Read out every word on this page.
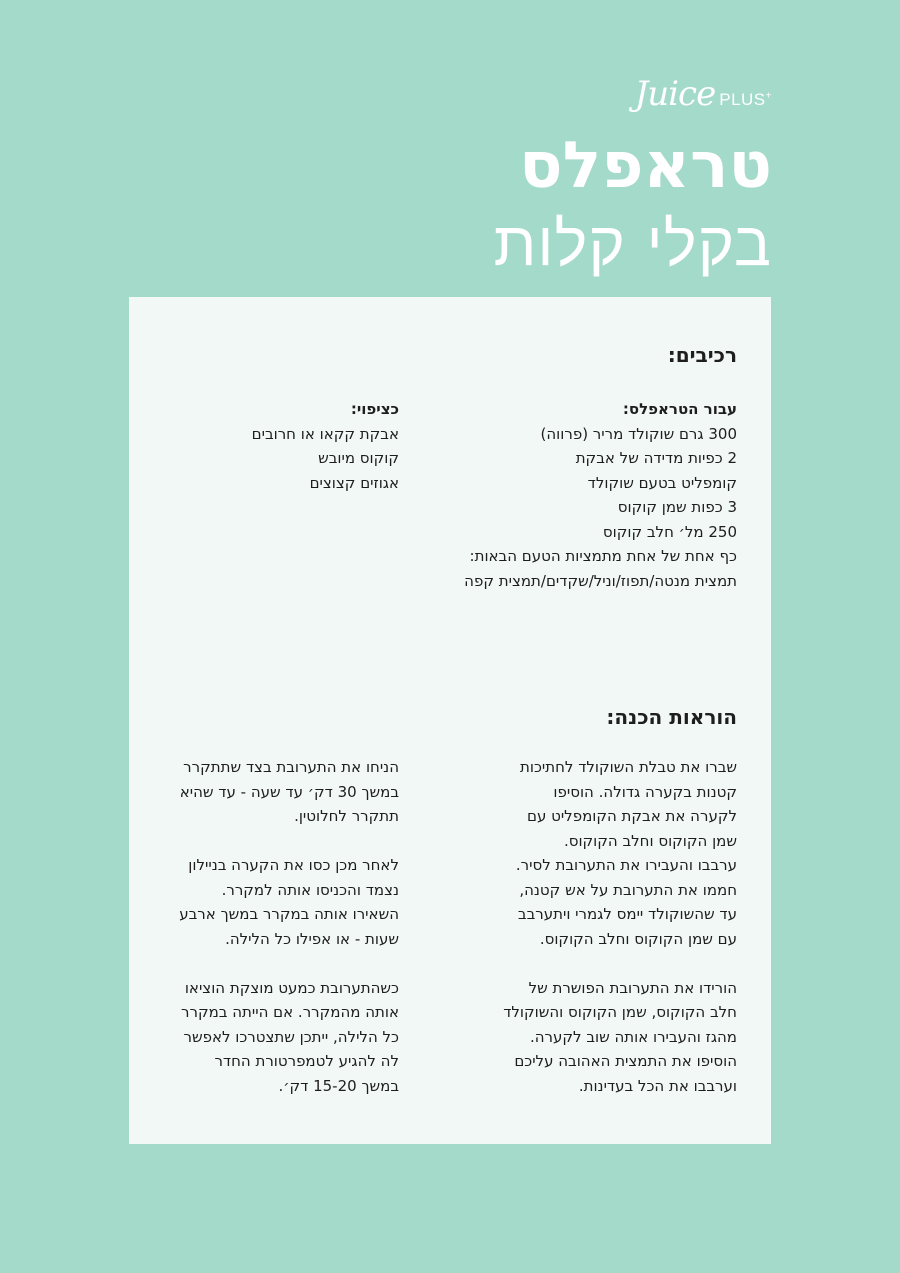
Juice PLUS+
טראפלס
בקלי קלות
רכיבים:

עבור הטראפלס:

300 גרם שוקולד מריר (פרווה)
2 כפיות מדידה של אבקת
קומפליט בטעם שוקולד
3 כפות שמן קוקוס
250 מל׳ חלב קוקוס
כף אחת של אחת מתמציות הטעם הבאות:
תמצית מנטה/תפוז/וניל/שקדים/תמצית קפה

כציפוי:

אבקת קקאו או חרובים
קוקוס מיובש
אגוזים קצוצים
הוראות הכנה:

שברו את טבלת השוקולד לחתיכות
קטנות בקערה גדולה. הוסיפו
לקערה את אבקת הקומפליט עם
שמן הקוקוס וחלב הקוקוס.
ערבבו והעבירו את התערובת לסיר.
חממו את התערובת על אש קטנה,
עד שהשוקולד יימס לגמרי ויתערבב
עם שמן הקוקוס וחלב הקוקוס.

הורידו את התערובת הפושרת של
חלב הקוקוס, שמן הקוקוס והשוקולד
מהגז והעבירו אותה שוב לקערה.
הוסיפו את התמצית האהובה עליכם
וערבבו את הכל בעדינות.

הניחו את התערובת בצד שתתקרר
במשך 30 דק׳ עד שעה - עד שהיא
תתקרר לחלוטין.

לאחר מכן כסו את הקערה בניילון
נצמד והכניסו אותה למקרר.
השאירו אותה במקרר במשך ארבע
שעות - או אפילו כל הלילה.

כשהתערובת כמעט מוצקת הוציאו
אותה מהמקרר. אם הייתה במקרר
כל הלילה, ייתכן שתצטרכו לאפשר
לה להגיע לטמפרטורת החדר
במשך 15-20 דק׳.
